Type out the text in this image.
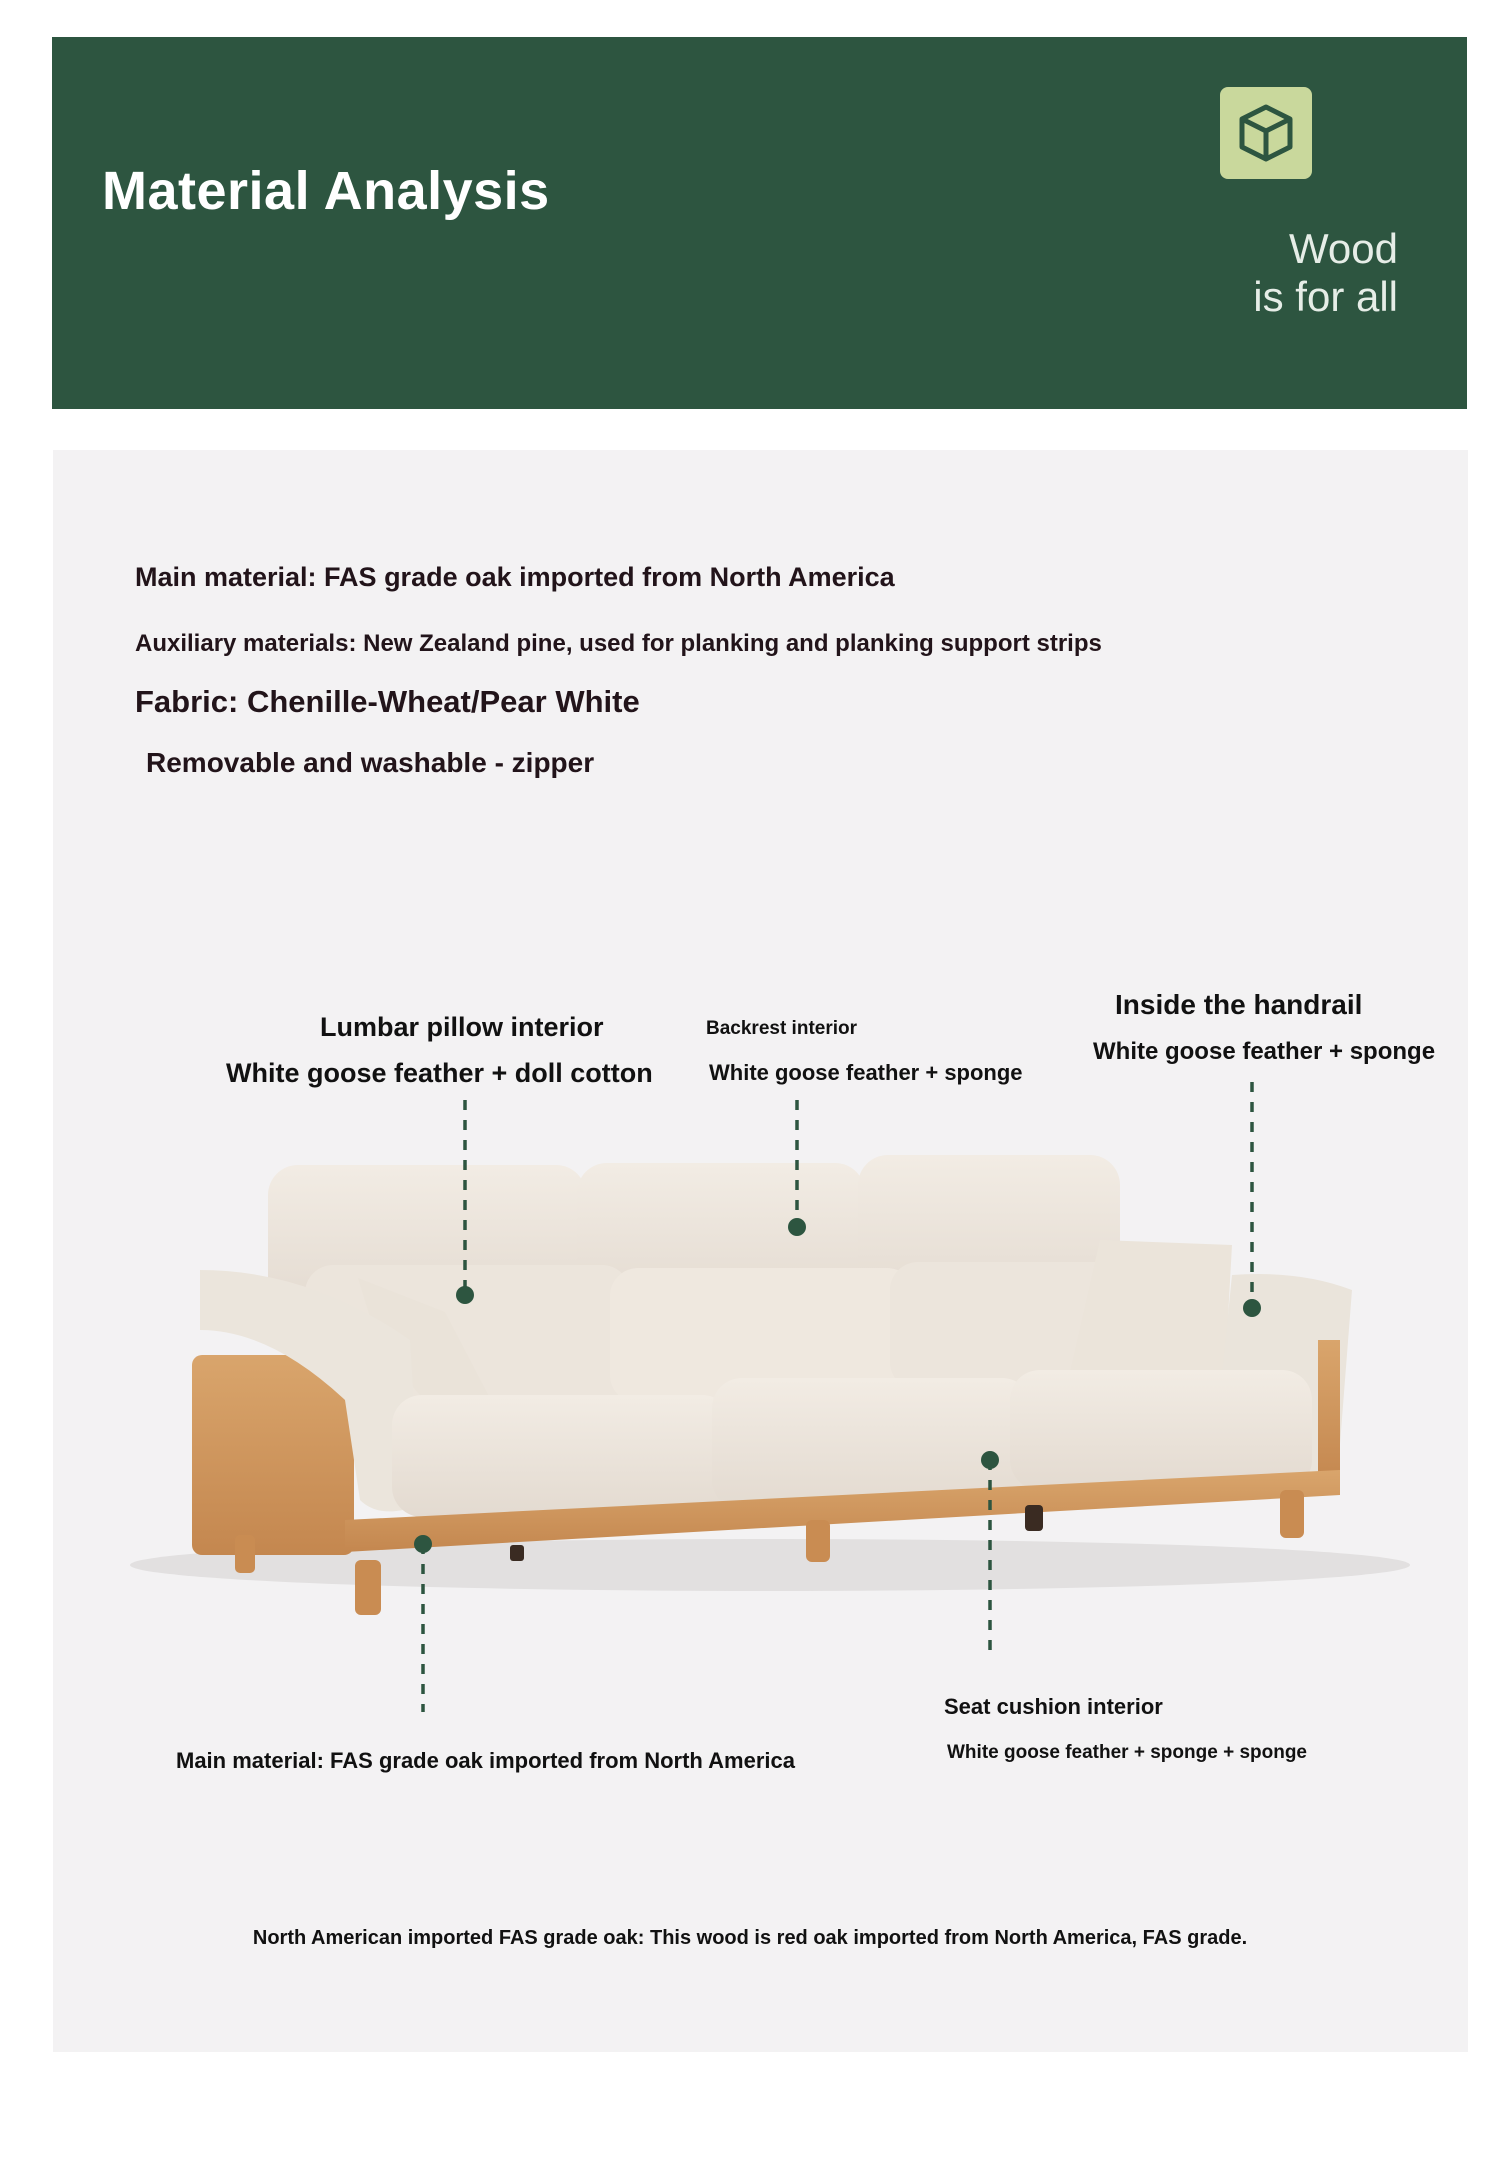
Material Analysis
Wood
is for all
Main material: FAS grade oak imported from North America
Auxiliary materials: New Zealand pine, used for planking and planking support strips
Fabric: Chenille-Wheat/Pear White
Removable and washable - zipper
Lumbar pillow interior
White goose feather + doll cotton
Backrest interior
White goose feather + sponge
Inside the handrail
White goose feather + sponge
Seat cushion interior
White goose feather + sponge + sponge
Main material: FAS grade oak imported from North America
North American imported FAS grade oak: This wood is red oak imported from North America, FAS grade.
